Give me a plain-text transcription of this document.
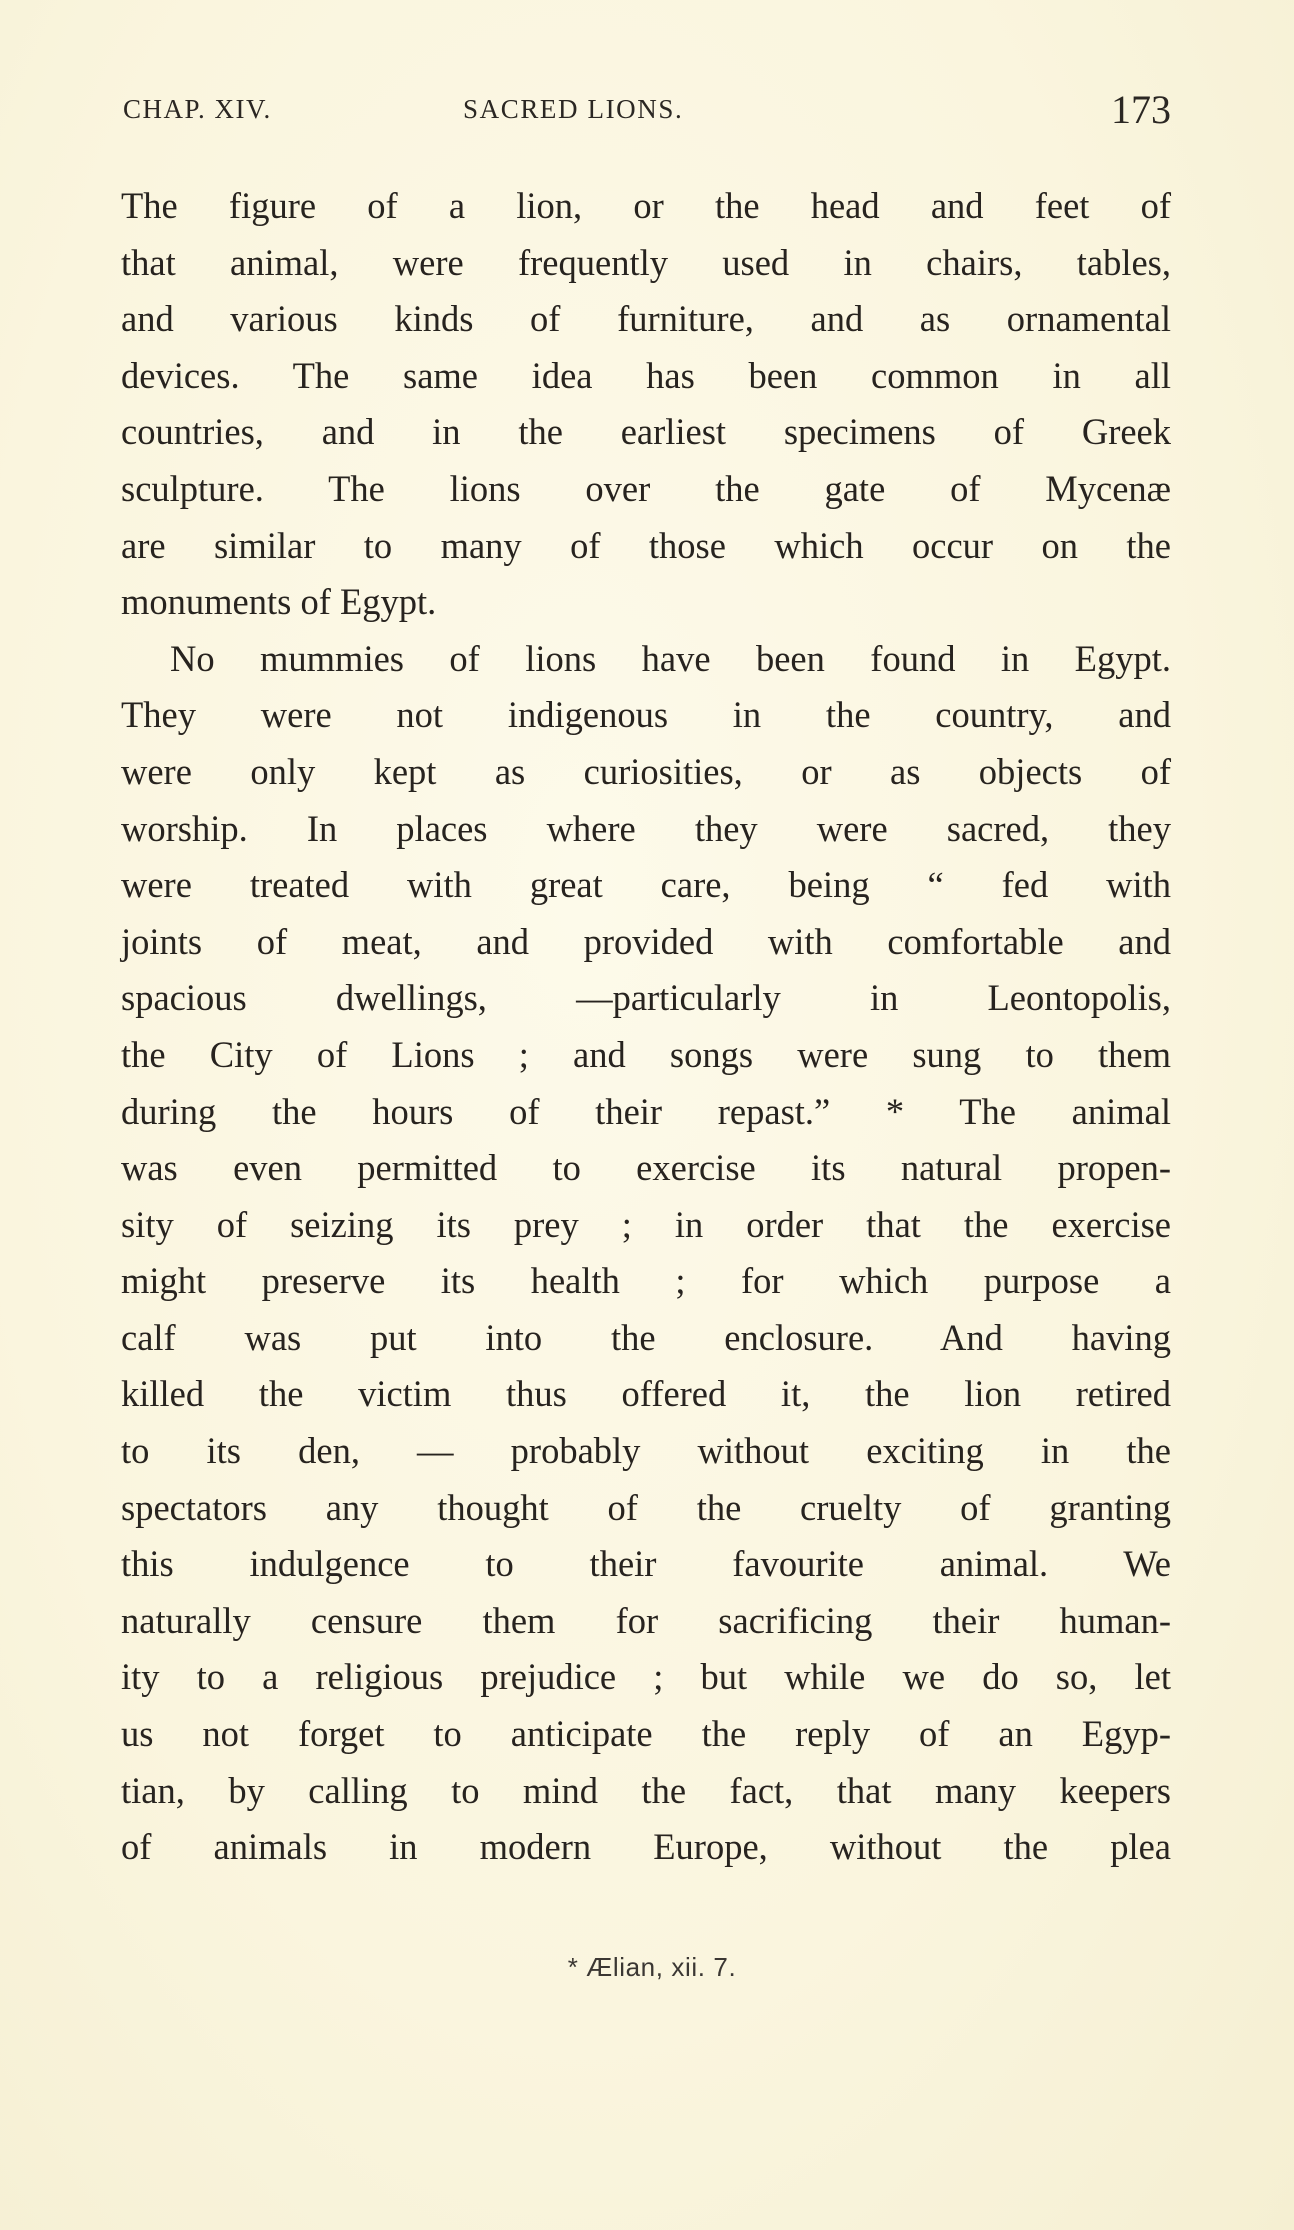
CHAP. XIV.	SACRED LIONS.	173
The figure of a lion, or the head and feet of
that animal, were frequently used in chairs, tables,
and various kinds of furniture, and as ornamental
devices. The same idea has been common in all
countries, and in the earliest specimens of Greek
sculpture. The lions over the gate of Mycenæ
are similar to many of those which occur on the
monuments of Egypt.
No mummies of lions have been found in Egypt.
They were not indigenous in the country, and
were only kept as curiosities, or as objects of
worship. In places where they were sacred, they
were treated with great care, being “ fed with
joints of meat, and provided with comfortable and
spacious dwellings, —particularly in Leontopolis,
the City of Lions ; and songs were sung to them
during the hours of their repast.” * The animal
was even permitted to exercise its natural propen-
sity of seizing its prey ; in order that the exercise
might preserve its health ; for which purpose a
calf was put into the enclosure. And having
killed the victim thus offered it, the lion retired
to its den, — probably without exciting in the
spectators any thought of the cruelty of granting
this indulgence to their favourite animal. We
naturally censure them for sacrificing their human-
ity to a religious prejudice ; but while we do so, let
us not forget to anticipate the reply of an Egyp-
tian, by calling to mind the fact, that many keepers
of animals in modern Europe, without the plea
* Ælian, xii. 7.
